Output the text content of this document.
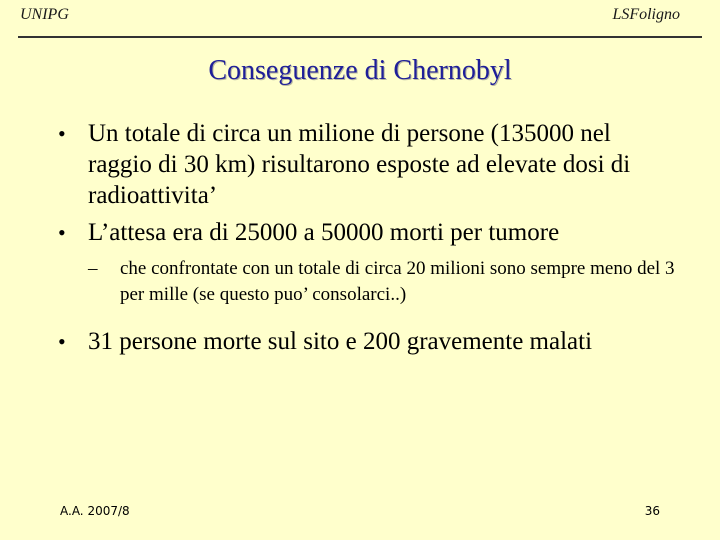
UNIPG	LSFoligno
Conseguenze di Chernobyl
• Un totale di circa un milione di persone (135000 nel raggio di 30 km) risultarono esposte ad elevate dosi di radioattivita’
• L’attesa era di 25000 a 50000 morti per tumore
–	che confrontate con un totale di circa 20 milioni sono sempre meno del 3 per mille (se questo puo’ consolarci..)
• 31 persone morte sul sito e 200 gravemente malati
A.A. 2007/8	36
